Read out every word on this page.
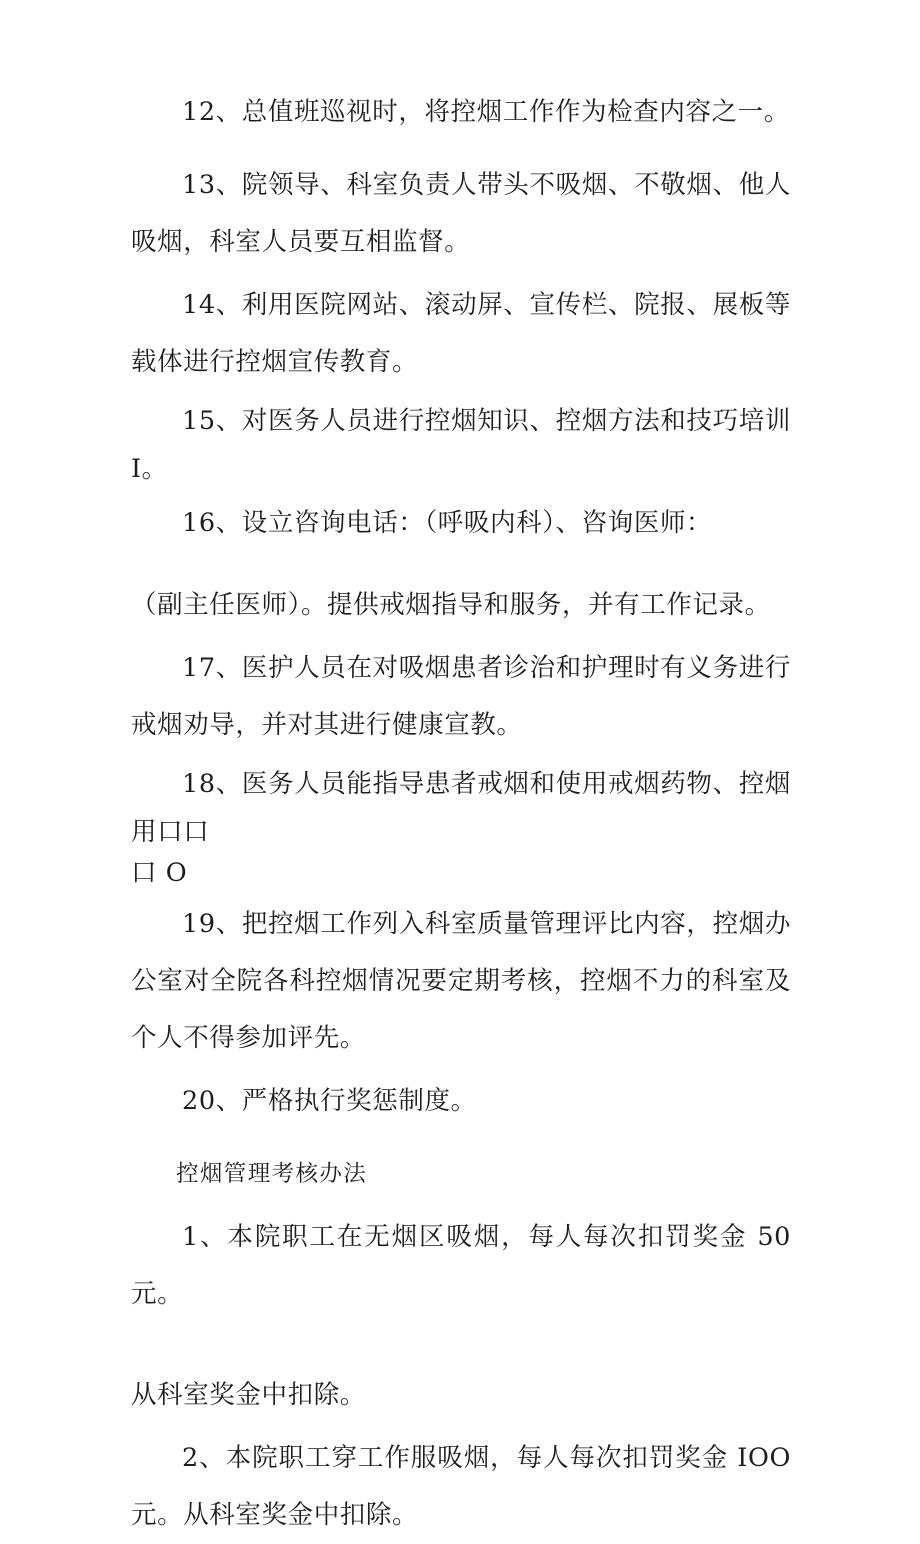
12、总值班巡视时，将控烟工作作为检查内容之一。

13、院领导、科室负责人带头不吸烟、不敬烟、他人吸烟，科室人员要互相监督。

14、利用医院网站、滚动屏、宣传栏、院报、展板等载体进行控烟宣传教育。

15、对医务人员进行控烟知识、控烟方法和技巧培训 I。

16、设立咨询电话：（呼吸内科）、咨询医师：

（副主任医师）。提供戒烟指导和服务，并有工作记录。

17、医护人员在对吸烟患者诊治和护理时有义务进行戒烟劝导，并对其进行健康宣教。

18、医务人员能指导患者戒烟和使用戒烟药物、控烟用口口

口 O

19、把控烟工作列入科室质量管理评比内容，控烟办公室对全院各科控烟情况要定期考核，控烟不力的科室及个人不得参加评先。

20、严格执行奖惩制度。

控烟管理考核办法

1、本院职工在无烟区吸烟，每人每次扣罚奖金 50 元。

从科室奖金中扣除。

2、本院职工穿工作服吸烟，每人每次扣罚奖金 IOO 元。从科室奖金中扣除。
